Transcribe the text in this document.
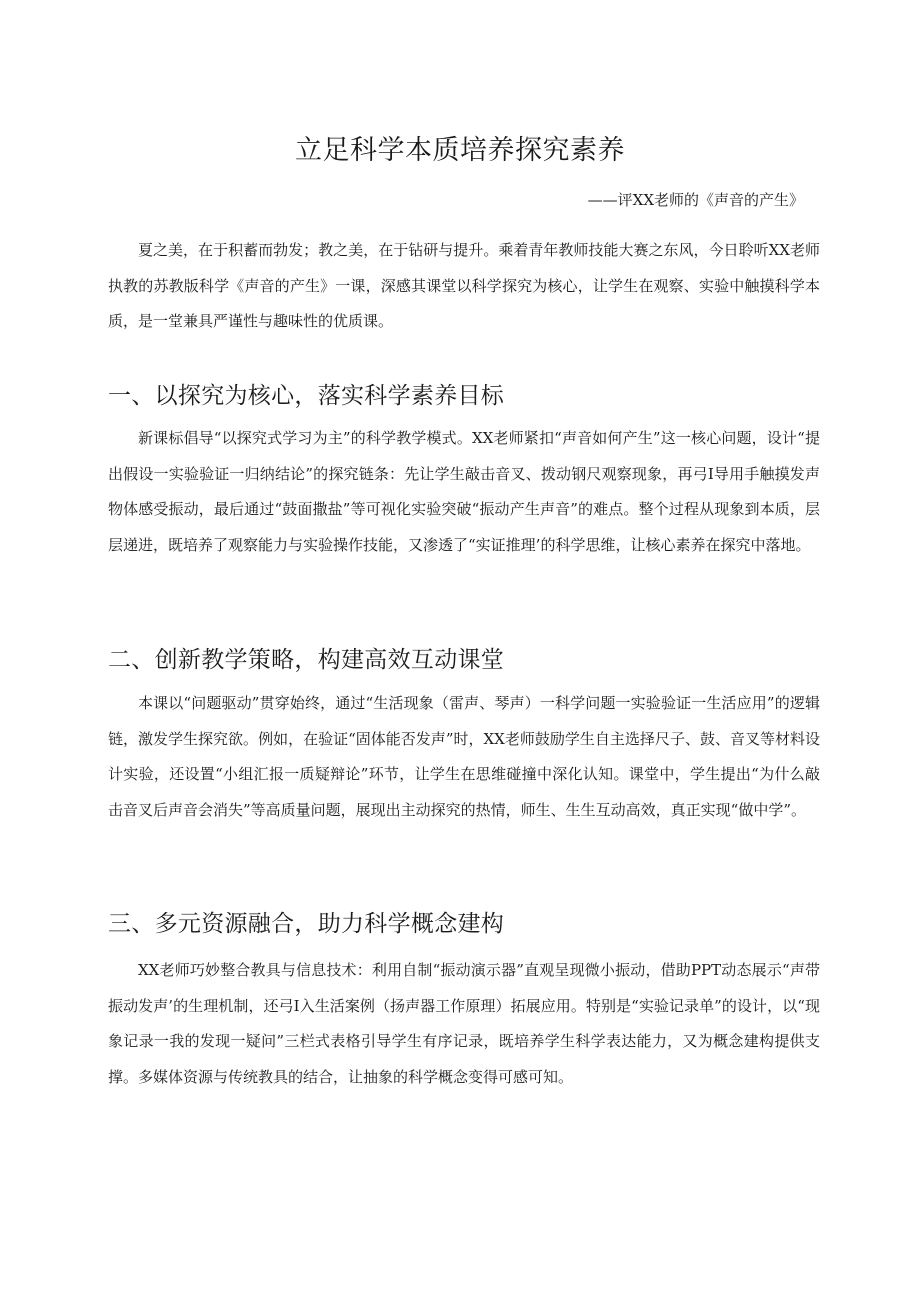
立足科学本质培养探究素养

——评XX老师的《声音的产生》

夏之美，在于积蓄而勃发；教之美，在于钻研与提升。乘着青年教师技能大赛之东风，今日聆听XX老师执教的苏教版科学《声音的产生》一课，深感其课堂以科学探究为核心，让学生在观察、实验中触摸科学本质，是一堂兼具严谨性与趣味性的优质课。

一、以探究为核心，落实科学素养目标

新课标倡导“以探究式学习为主”的科学教学模式。XX老师紧扣“声音如何产生”这一核心问题，设计“提出假设一实验验证一归纳结论”的探究链条：先让学生敲击音叉、拨动钢尺观察现象，再弓I导用手触摸发声物体感受振动，最后通过“鼓面撒盐”等可视化实验突破“振动产生声音”的难点。整个过程从现象到本质，层层递进，既培养了观察能力与实验操作技能，又渗透了“实证推理’的科学思维，让核心素养在探究中落地。

二、创新教学策略，构建高效互动课堂

本课以“问题驱动”贯穿始终，通过“生活现象（雷声、琴声）一科学问题一实验验证一生活应用”的逻辑链，激发学生探究欲。例如，在验证“固体能否发声”时，XX老师鼓励学生自主选择尺子、鼓、音叉等材料设计实验，还设置“小组汇报一质疑辩论”环节，让学生在思维碰撞中深化认知。课堂中，学生提出“为什么敲击音叉后声音会消失”等高质量问题，展现出主动探究的热情，师生、生生互动高效，真正实现“做中学”。

三、多元资源融合，助力科学概念建构

XX老师巧妙整合教具与信息技术：利用自制“振动演示器”直观呈现微小振动，借助PPT动态展示“声带振动发声’的生理机制，还弓I入生活案例（扬声器工作原理）拓展应用。特别是“实验记录单”的设计，以“现象记录一我的发现一疑问”三栏式表格引导学生有序记录，既培养学生科学表达能力，又为概念建构提供支撑。多媒体资源与传统教具的结合，让抽象的科学概念变得可感可知。
